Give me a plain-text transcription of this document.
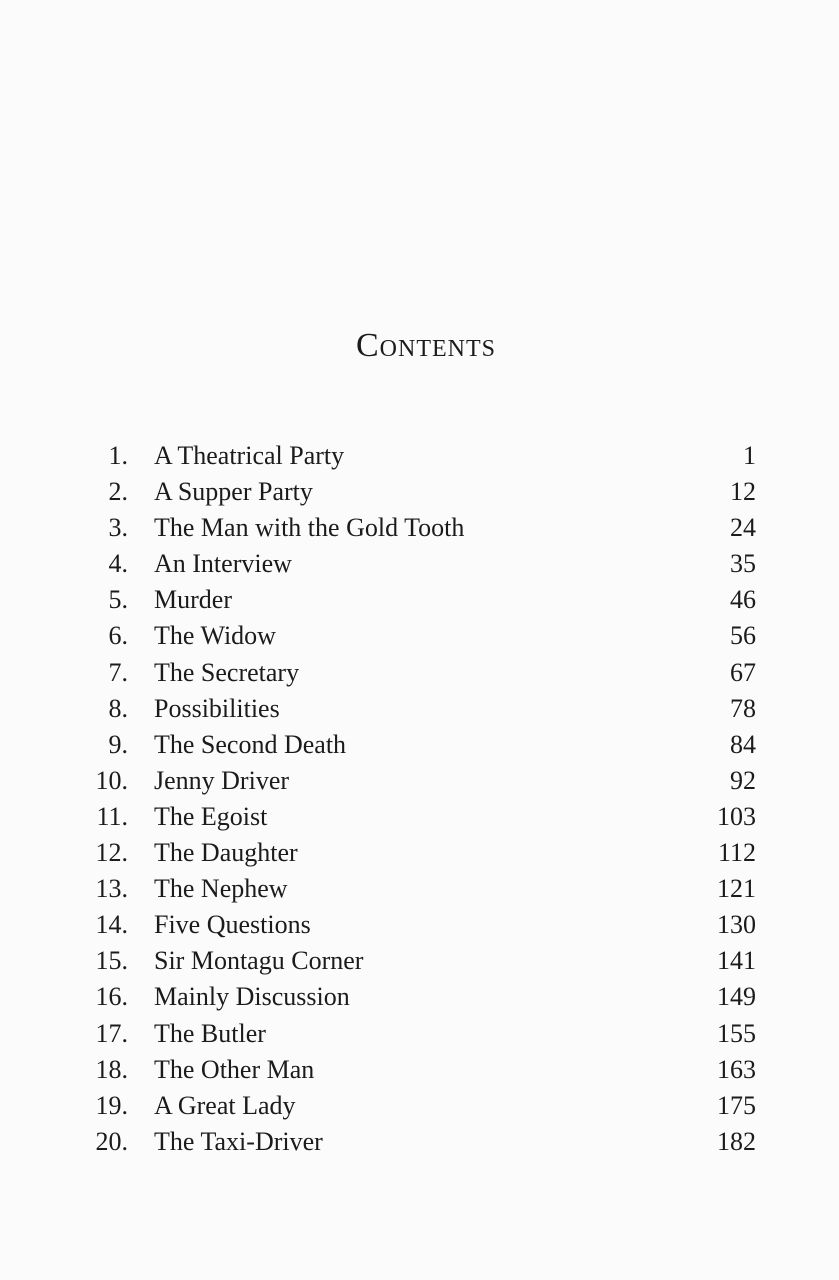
Contents
1. A Theatrical Party	1
2. A Supper Party	12
3. The Man with the Gold Tooth	24
4. An Interview	35
5. Murder	46
6. The Widow	56
7. The Secretary	67
8. Possibilities	78
9. The Second Death	84
10. Jenny Driver	92
11. The Egoist	103
12. The Daughter	112
13. The Nephew	121
14. Five Questions	130
15. Sir Montagu Corner	141
16. Mainly Discussion	149
17. The Butler	155
18. The Other Man	163
19. A Great Lady	175
20. The Taxi-Driver	182
